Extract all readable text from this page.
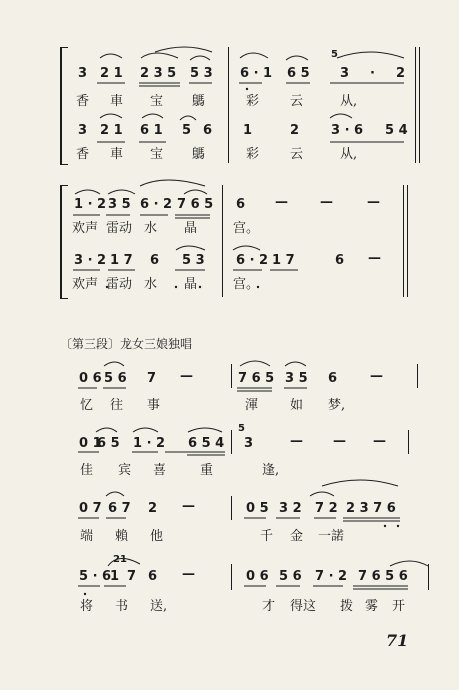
3 2 1 2 3 5 5 3 6 · 1 6 5 3 · 2
5
香 車 宝 鷌	彩 云	从,
3 2 1 6 1 5 6 1	2 3 · 6 5 4
香 車 宝 鷌	彩 云	从,
1 · 2 3 5 6 · 2 7 6 5 6 — —	—
欢声 雷动 水 晶	宫。
3 · 2 1 7 6 5 3 6 · 2 1 7	6 —
欢声 雷动 水 晶	宫。
〔第三段〕龙女三娘独唱
0 6 5 6 7 —	7 6 5 3 5 6	—
忆 往 事	渾 如 梦,
0 1
6 5 1 · 2 6 5 4 3	— — —
5
佳 宾 喜	重	逢,
0 7 6 7 2 —	0 5 3 2 7 2 2 3 7 6
端 賴 他	千 金 一諾
5 · 6
1 7 6 —	0 6 5 6 7 · 2 7 6 5 6
21
将 书 送,	才 得这 拨 雾 开
71
